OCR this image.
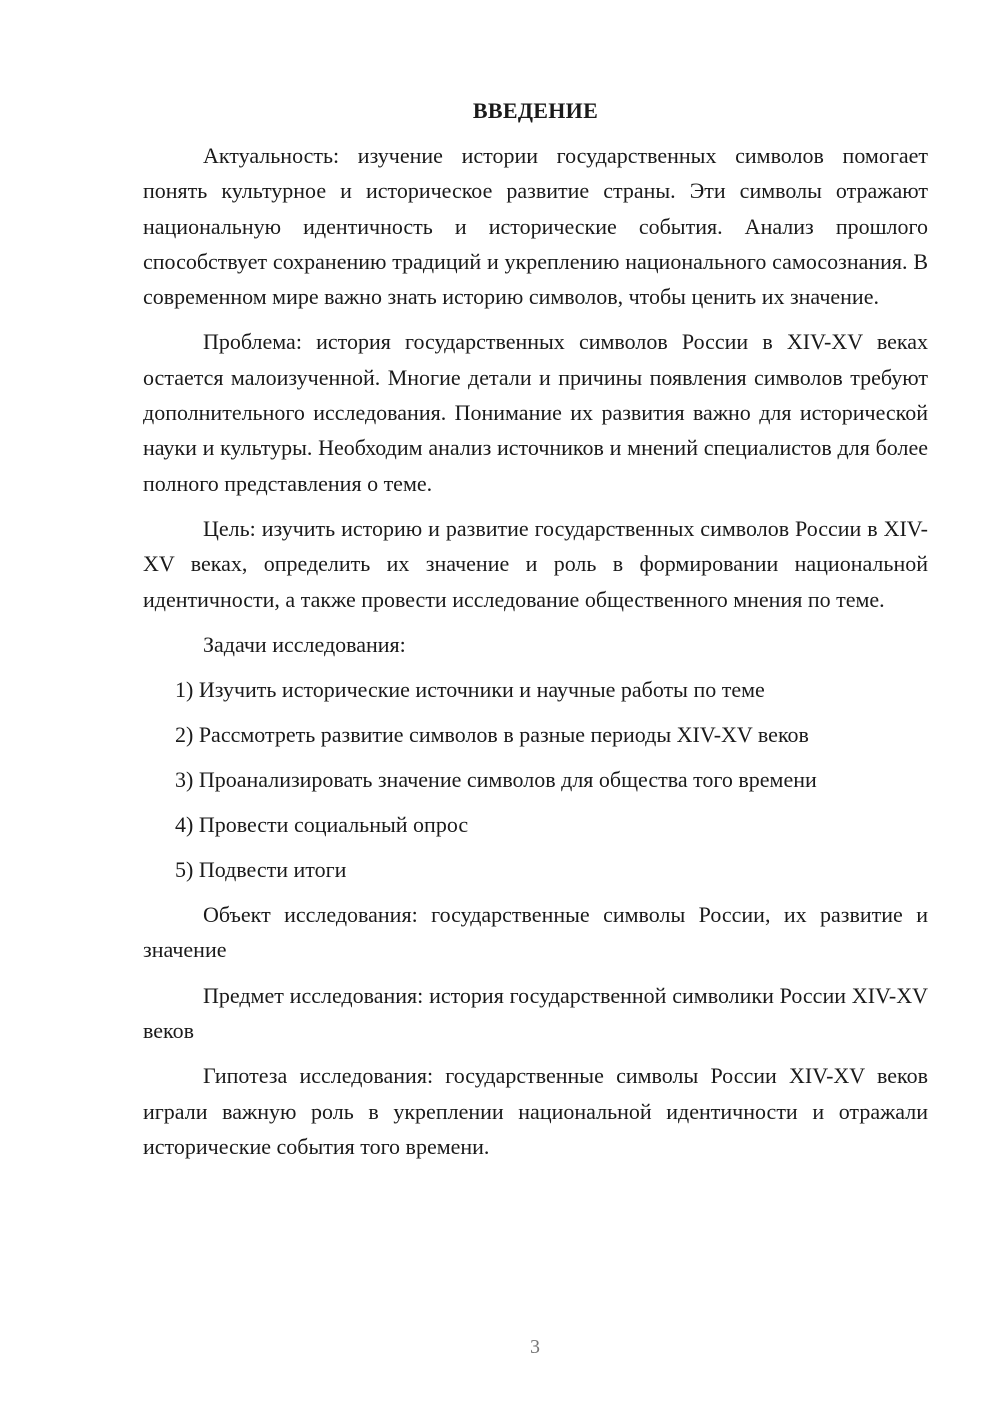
ВВЕДЕНИЕ

Актуальность: изучение истории государственных символов помогает понять культурное и историческое развитие страны. Эти символы отражают национальную идентичность и исторические события. Анализ прошлого способствует сохранению традиций и укреплению национального самосознания. В современном мире важно знать историю символов, чтобы ценить их значение.

Проблема: история государственных символов России в XIV-XV веках остается малоизученной. Многие детали и причины появления символов требуют дополнительного исследования. Понимание их развития важно для исторической науки и культуры. Необходим анализ источников и мнений специалистов для более полного представления о теме.

Цель: изучить историю и развитие государственных символов России в XIV-XV веках, определить их значение и роль в формировании национальной идентичности, а также провести исследование общественного мнения по теме.

Задачи исследования:

1) Изучить исторические источники и научные работы по теме
2) Рассмотреть развитие символов в разные периоды XIV-XV веков
3) Проанализировать значение символов для общества того времени
4) Провести социальный опрос
5) Подвести итоги

Объект исследования: государственные символы России, их развитие и значение

Предмет исследования: история государственной символики России XIV-XV веков

Гипотеза исследования: государственные символы России XIV-XV веков играли важную роль в укреплении национальной идентичности и отражали исторические события того времени.

3
